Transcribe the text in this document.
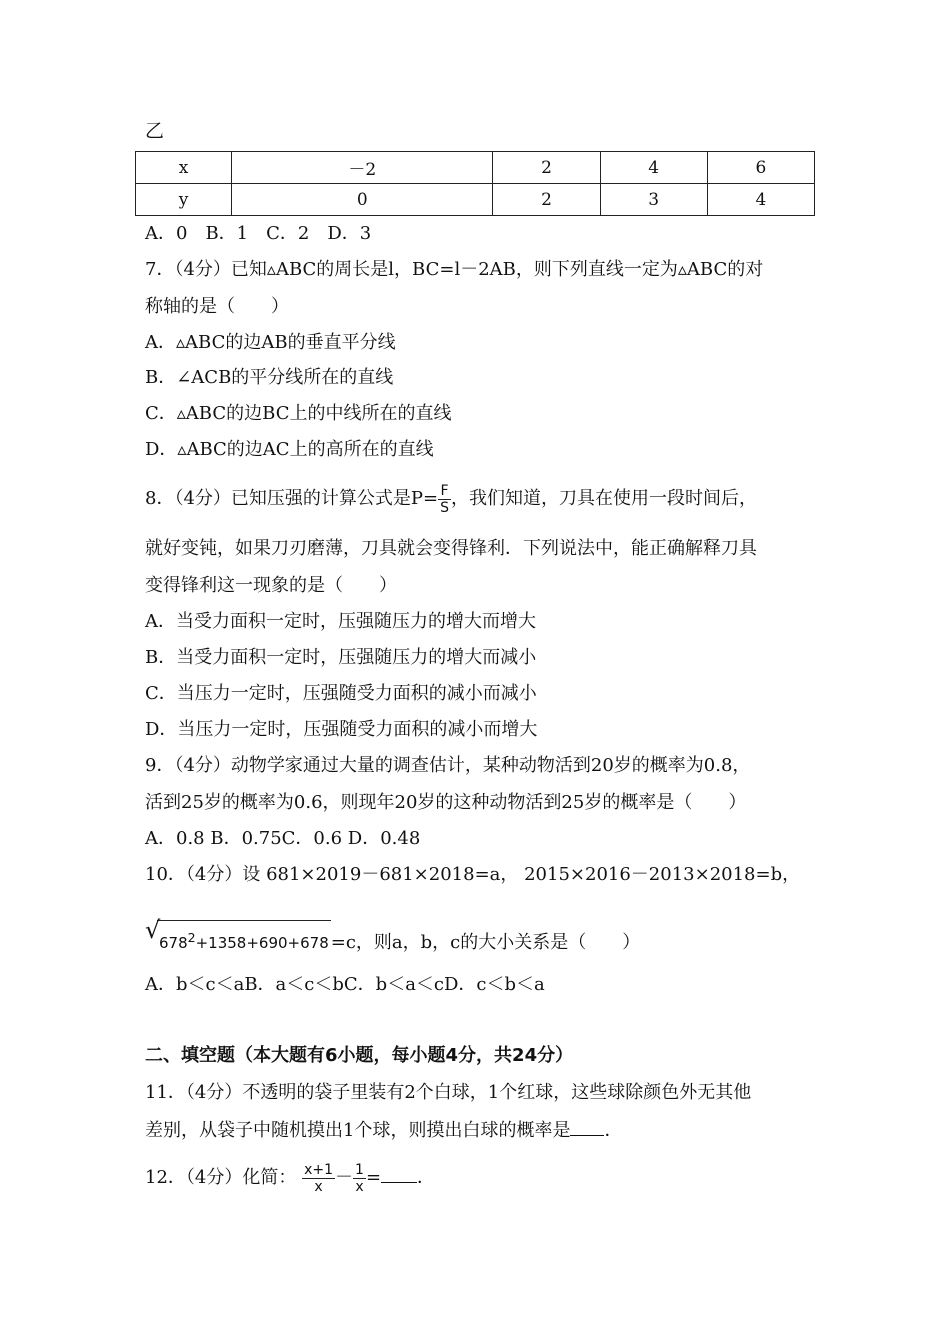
乙
x	－2	2	4	6
y	0	2	3	4
A．0　B．1　C．2　D．3
7．（4分）已知▵ABC的周长是l，BC=l－2AB，则下列直线一定为▵ABC的对
称轴的是（　　）
A．▵ABC的边AB的垂直平分线
B．∠ACB的平分线所在的直线
C．▵ABC的边BC上的中线所在的直线
D．▵ABC的边AC上的高所在的直线
8．（4分）已知压强的计算公式是$P= \frac{F}{S}$ ，我们知道，刀具在使用一段时间后，
就好变钝，如果刀刃磨薄，刀具就会变得锋利．下列说法中，能正确解释刀具
变得锋利这一现象的是（　　）
A．当受力面积一定时，压强随压力的增大而增大
B．当受力面积一定时，压强随压力的增大而减小
C．当压力一定时，压强随受力面积的减小而减小
D．当压力一定时，压强随受力面积的减小而增大
9．（4分）动物学家通过大量的调查估计，某种动物活到20岁的概率为0.8，
活到25岁的概率为0.6，则现年20岁的这种动物活到25岁的概率是（　　）
A．0.8 B．0.75C．0.6 D．0.48
10．（4分）设 681×2019－681×2018=a， 2015×2016－2013×2018=b，
√
$678^2+1358+690+678 =c$，则a，b，c的大小关系是（　　）
A．b＜c＜aB．a＜c＜bC．b＜a＜cD．c＜b＜a
二、填空题（本大题有6小题，每小题4分，共24分）
11．（4分）不透明的袋子里装有2个白球，1个红球，这些球除颜色外无其他
差别，从袋子中随机摸出1个球，则摸出白球的概率是 ．
12．（4分）化简： $\frac{x+1}{x} - \frac{1}{x}$ = ．
